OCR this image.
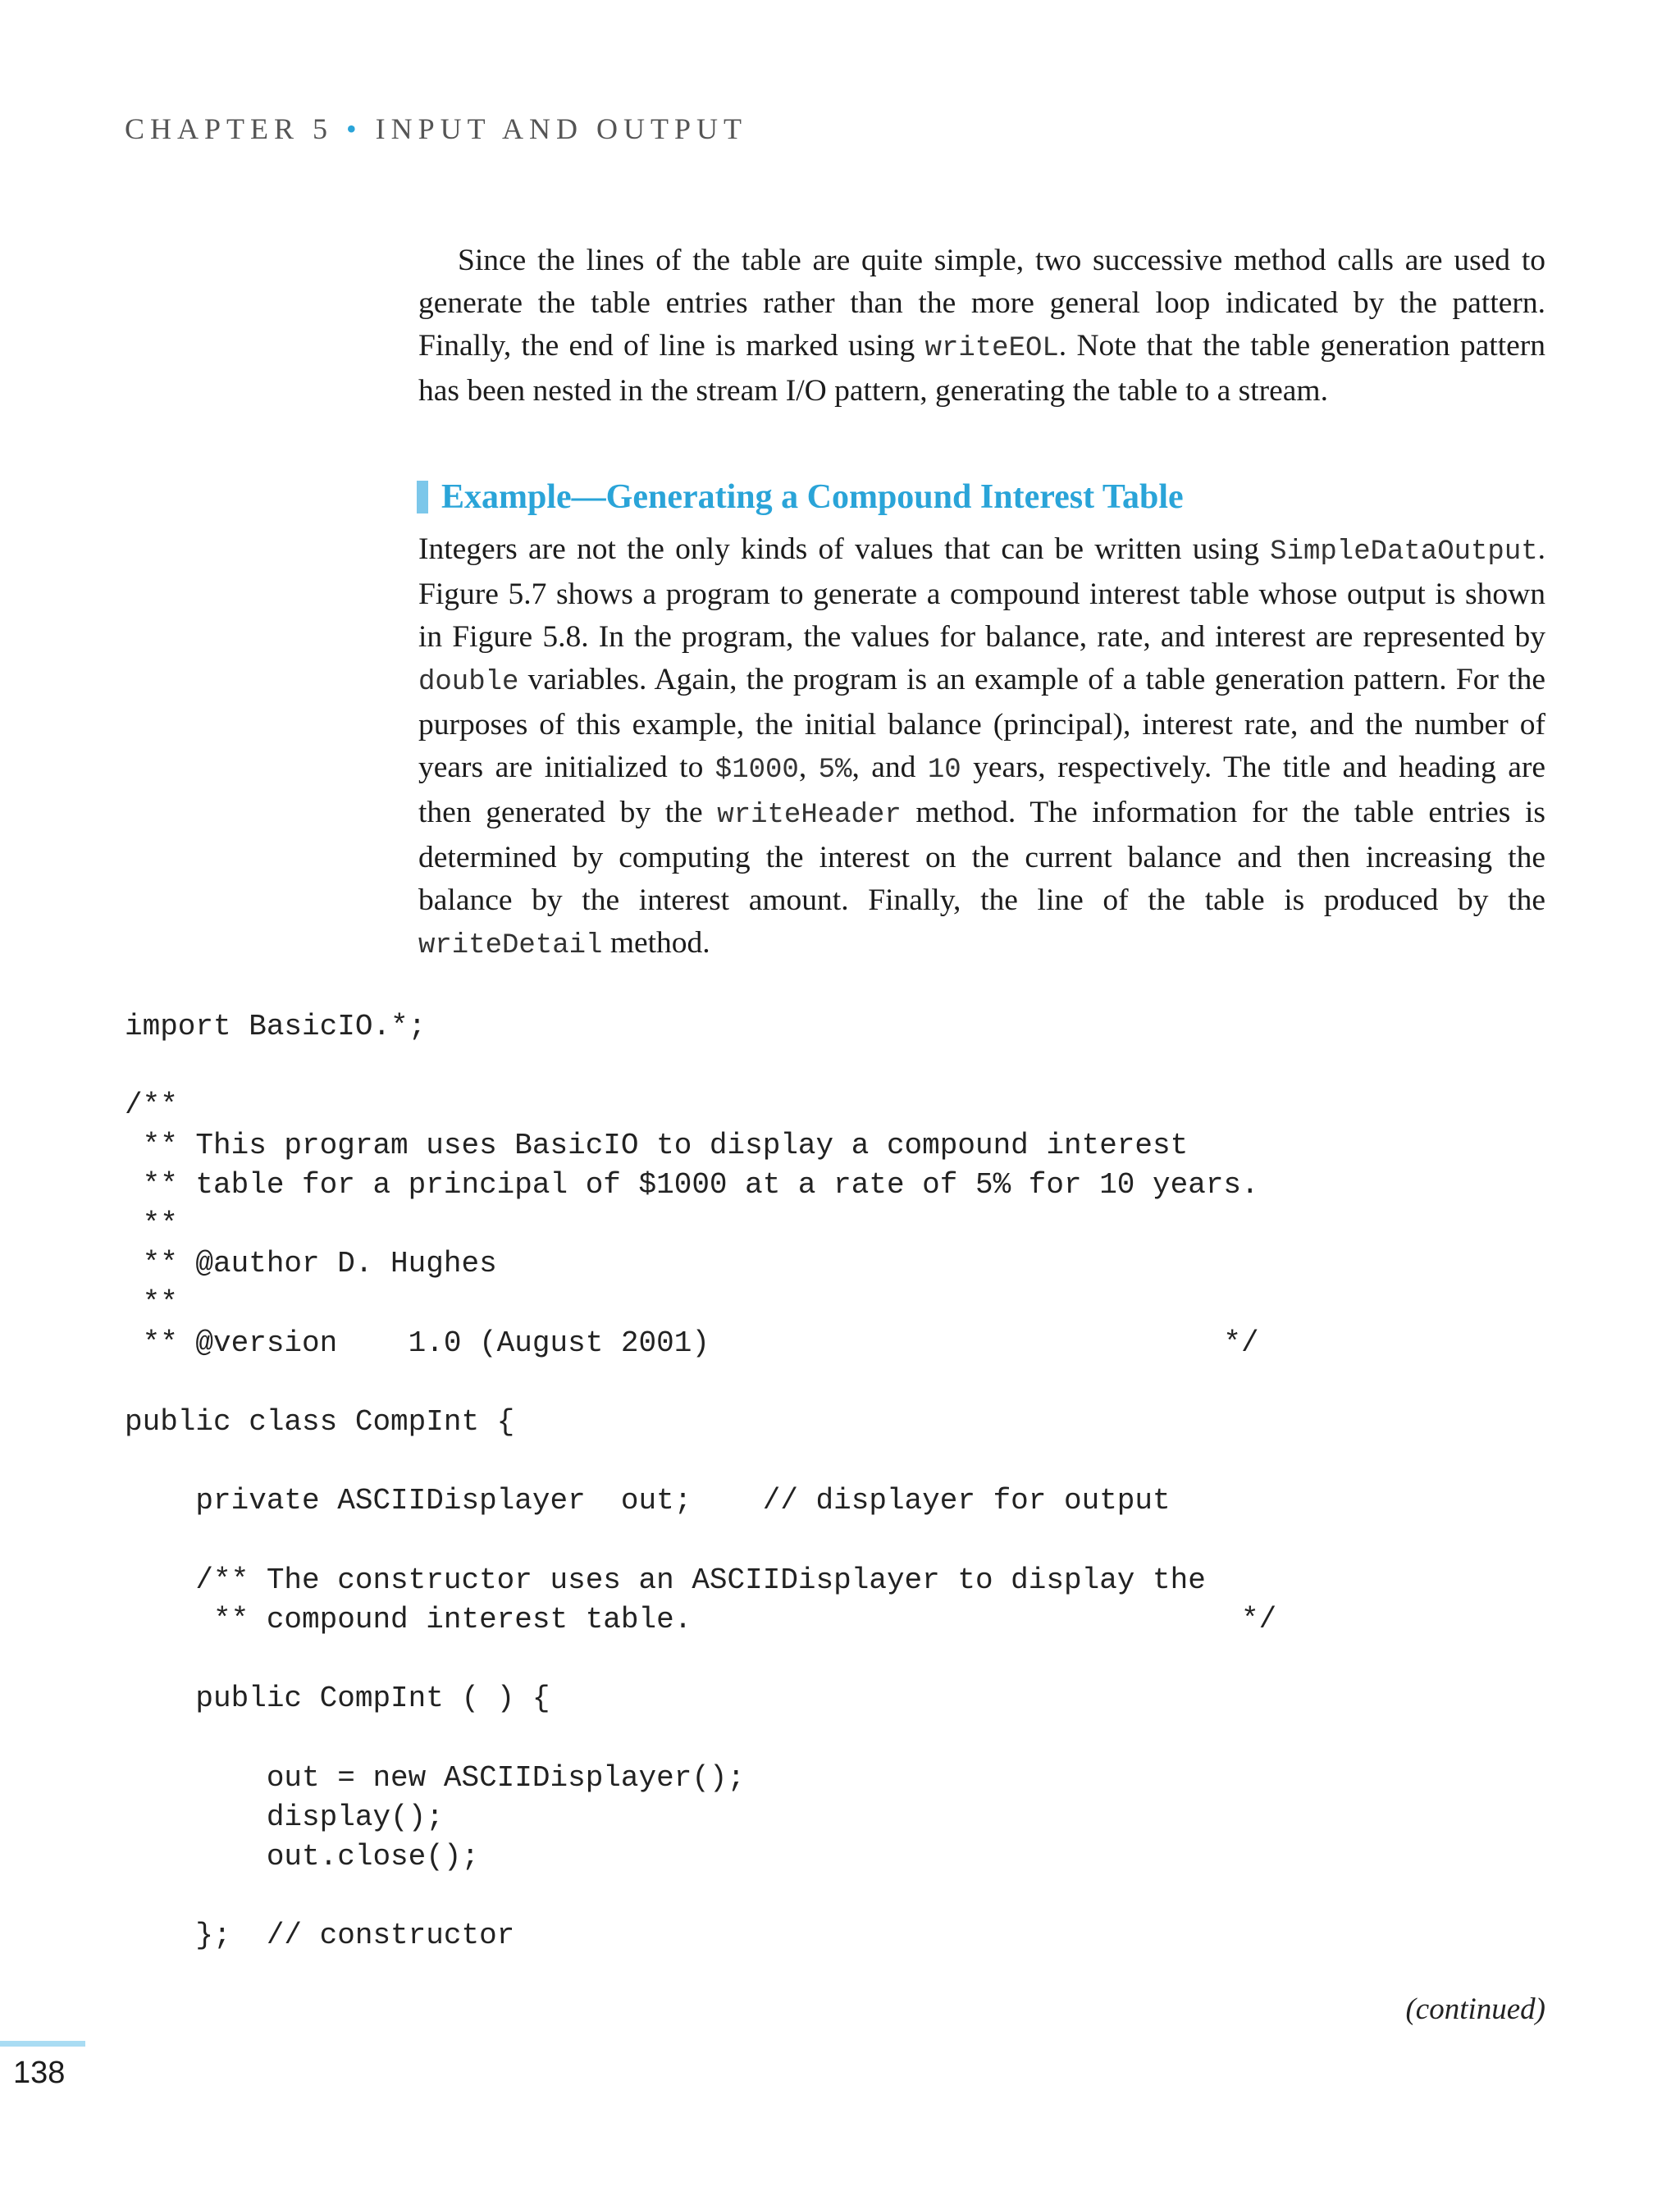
CHAPTER 5 • INPUT AND OUTPUT

Since the lines of the table are quite simple, two successive method calls are used to generate the table entries rather than the more general loop indicated by the pattern. Finally, the end of line is marked using writeEOL. Note that the table generation pattern has been nested in the stream I/O pattern, generating the table to a stream.

Example—Generating a Compound Interest Table

Integers are not the only kinds of values that can be written using SimpleDataOutput. Figure 5.7 shows a program to generate a compound interest table whose output is shown in Figure 5.8. In the program, the values for balance, rate, and interest are represented by double variables. Again, the program is an example of a table generation pattern. For the purposes of this example, the initial balance (principal), interest rate, and the number of years are initialized to $1000, 5%, and 10 years, respectively. The title and heading are then generated by the writeHeader method. The information for the table entries is determined by computing the interest on the current balance and then increasing the balance by the interest amount. Finally, the line of the table is produced by the writeDetail method.

import BasicIO.*;
/**
** This program uses BasicIO to display a compound interest
** table for a principal of $1000 at a rate of 5% for 10 years.
**
** @author D. Hughes
**
** @version    1.0 (August 2001)                             */
public class CompInt {
private ASCIIDisplayer  out;    // displayer for output
/** The constructor uses an ASCIIDisplayer to display the
** compound interest table.                               */
public CompInt ( ) {
out = new ASCIIDisplayer();
display();
out.close();
};  // constructor
(continued)
138
